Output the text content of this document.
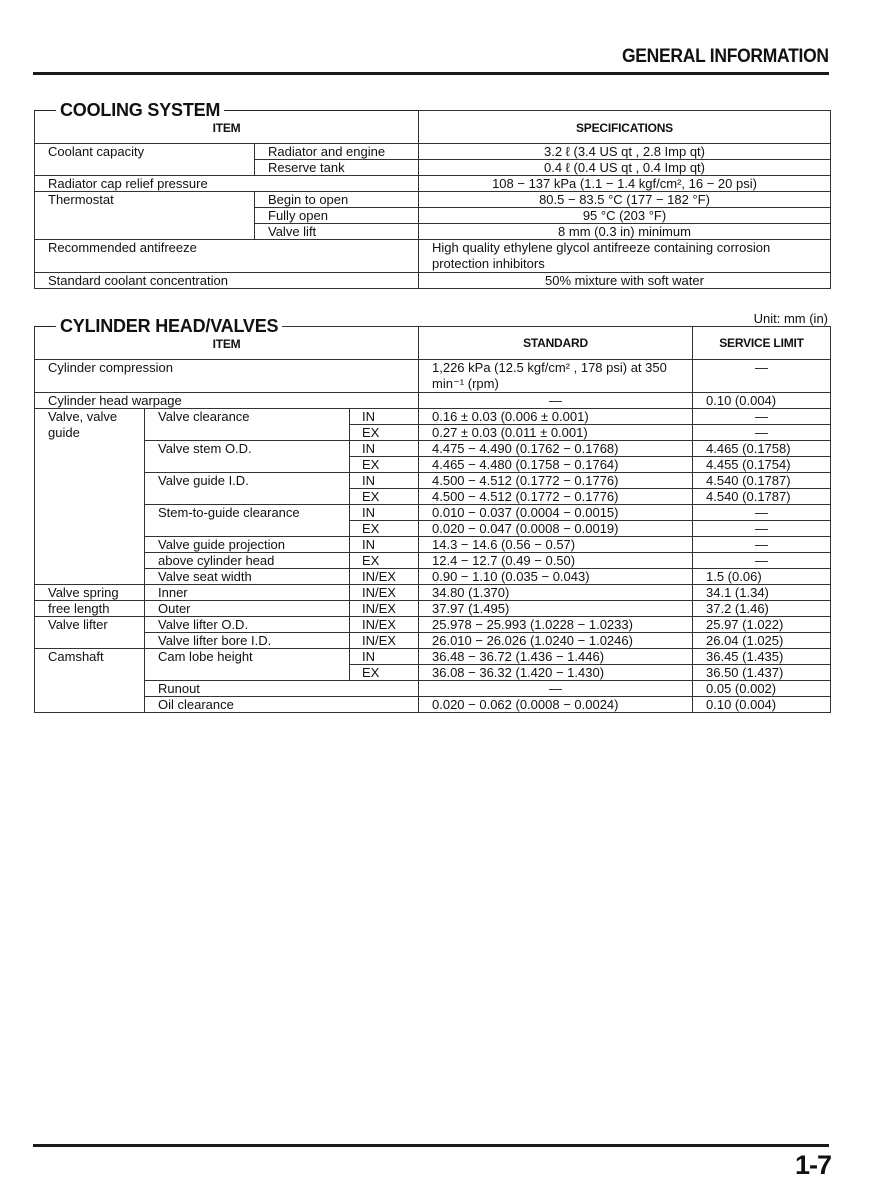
GENERAL INFORMATION
ITEM		SPECIFICATIONS
Coolant capacity	Radiator and engine	3.2 ℓ (3.4 US qt , 2.8 Imp qt)
	Reserve tank	0.4 ℓ (0.4 US qt , 0.4 Imp qt)
Radiator cap relief pressure		108 − 137 kPa (1.1 − 1.4 kgf/cm², 16 − 20 psi)
Thermostat	Begin to open	80.5 − 83.5 °C (177 − 182 °F)
	Fully open	95 °C (203 °F)
	Valve lift	8 mm (0.3 in) minimum
Recommended antifreeze		High quality ethylene glycol antifreeze containing corrosion protection inhibitors
Standard coolant concentration		50% mixture with soft water
COOLING SYSTEM
Unit: mm (in)
ITEM			STANDARD	SERVICE LIMIT
Cylinder compression			1,226 kPa (12.5 kgf/cm² , 178 psi) at 350 min⁻¹ (rpm)	—
Cylinder head warpage			—	0.10 (0.004)
Valve, valve guide	Valve clearance	IN	0.16 ± 0.03 (0.006 ± 0.001)	—
		EX	0.27 ± 0.03 (0.011 ± 0.001)	—
	Valve stem O.D.	IN	4.475 − 4.490 (0.1762 − 0.1768)	4.465 (0.1758)
		EX	4.465 − 4.480 (0.1758 − 0.1764)	4.455 (0.1754)
	Valve guide I.D.	IN	4.500 − 4.512 (0.1772 − 0.1776)	4.540 (0.1787)
		EX	4.500 − 4.512 (0.1772 − 0.1776)	4.540 (0.1787)
	Stem-to-guide clearance	IN	0.010 − 0.037 (0.0004 − 0.0015)	—
		EX	0.020 − 0.047 (0.0008 − 0.0019)	—
	Valve guide projection	IN	14.3 − 14.6 (0.56 − 0.57)	—
	above cylinder head	EX	12.4 − 12.7 (0.49 − 0.50)	—
	Valve seat width	IN/EX	0.90 − 1.10 (0.035 − 0.043)	1.5 (0.06)
Valve spring	Inner	IN/EX	34.80 (1.370)	34.1 (1.34)
free length	Outer	IN/EX	37.97 (1.495)	37.2 (1.46)
Valve lifter	Valve lifter O.D.	IN/EX	25.978 − 25.993 (1.0228 − 1.0233)	25.97 (1.022)
	Valve lifter bore I.D.	IN/EX	26.010 − 26.026 (1.0240 − 1.0246)	26.04 (1.025)
Camshaft	Cam lobe height	IN	36.48 − 36.72 (1.436 − 1.446)	36.45 (1.435)
		EX	36.08 − 36.32 (1.420 − 1.430)	36.50 (1.437)
	Runout		—	0.05 (0.002)
	Oil clearance		0.020 − 0.062 (0.0008 − 0.0024)	0.10 (0.004)
CYLINDER HEAD/VALVES
1-7
